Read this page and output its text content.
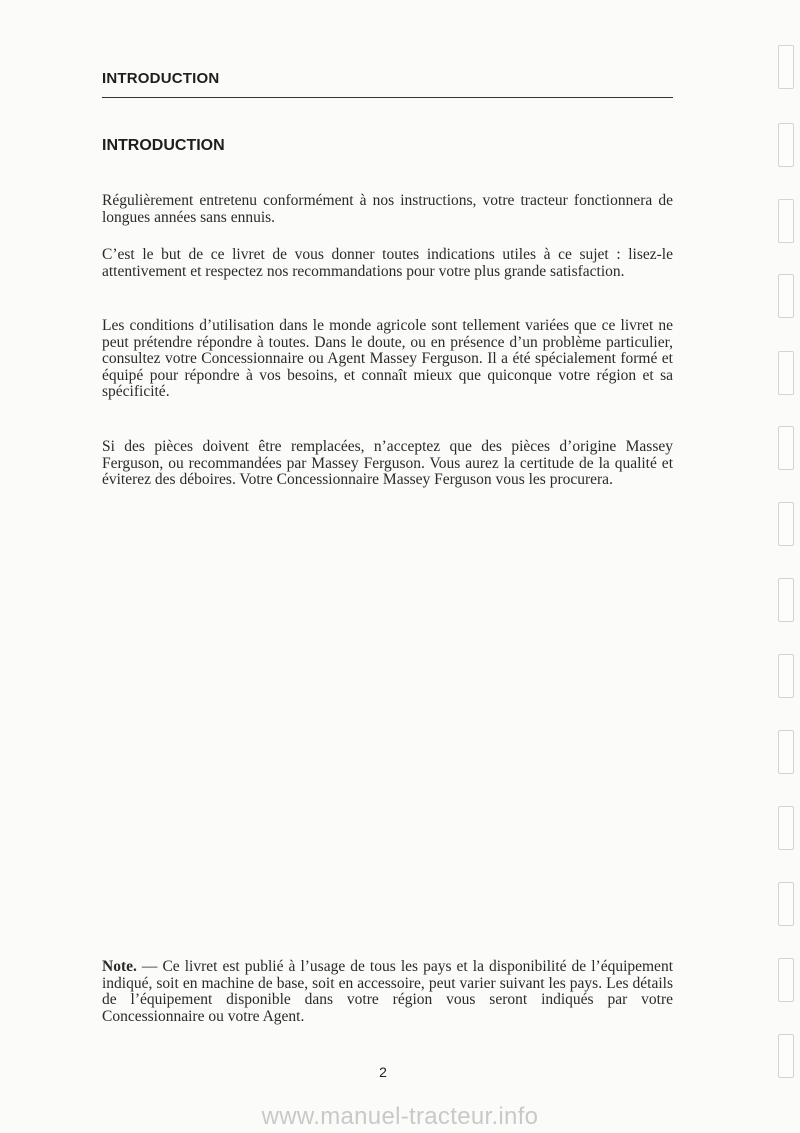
INTRODUCTION
INTRODUCTION

Régulièrement entretenu conformément à nos instructions, votre tracteur fonctionnera de longues années sans ennuis.

C’est le but de ce livret de vous donner toutes indications utiles à ce sujet : lisez-le attentivement et respectez nos recommandations pour votre plus grande satisfaction.

Les conditions d’utilisation dans le monde agricole sont tellement variées que ce livret ne peut prétendre répondre à toutes. Dans le doute, ou en présence d’un problème particulier, consultez votre Concessionnaire ou Agent Massey Ferguson. Il a été spécialement formé et équipé pour répondre à vos besoins, et connaît mieux que quiconque votre région et sa spécificité.

Si des pièces doivent être remplacées, n’acceptez que des pièces d’origine Massey Ferguson, ou recommandées par Massey Ferguson. Vous aurez la certitude de la qualité et éviterez des déboires. Votre Concessionnaire Massey Ferguson vous les procurera.

Note. — Ce livret est publié à l’usage de tous les pays et la disponibilité de l’équipement indiqué, soit en machine de base, soit en accessoire, peut varier suivant les pays. Les détails de l’équipement disponible dans votre région vous seront indiqués par votre Concessionnaire ou votre Agent.

2
www.manuel-tracteur.info
